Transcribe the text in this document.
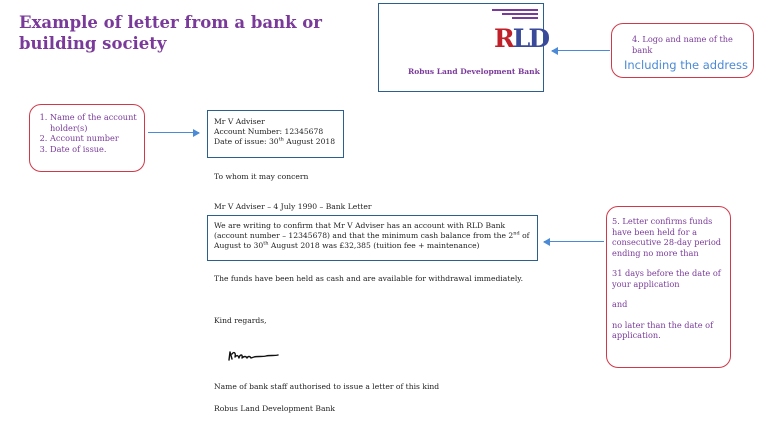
Example of letter from a bank or building society	RLD
Robus Land Development Bank
4. Logo and name of the bank
Including the address
1. Name of the account holder(s)
2. Account number
3. Date of issue.

5. Letter confirms funds have been held for a consecutive 28-day period ending no more than

31 days before the date of your application

and

no later than the date of application.

Mr V Adviser
Account Number: 12345678
Date of issue: 30th August 2018
To whom it may concern
Mr V Adviser – 4 July 1990 – Bank Letter
We are writing to confirm that Mr V Adviser has an account with RLD Bank (account number – 12345678) and that the minimum cash balance from the 2nd of August to 30th August 2018 was £32,385 (tuition fee + maintenance)
The funds have been held as cash and are available for withdrawal immediately.
Kind regards,
Name of bank staff authorised to issue a letter of this kind
Robus Land Development Bank
